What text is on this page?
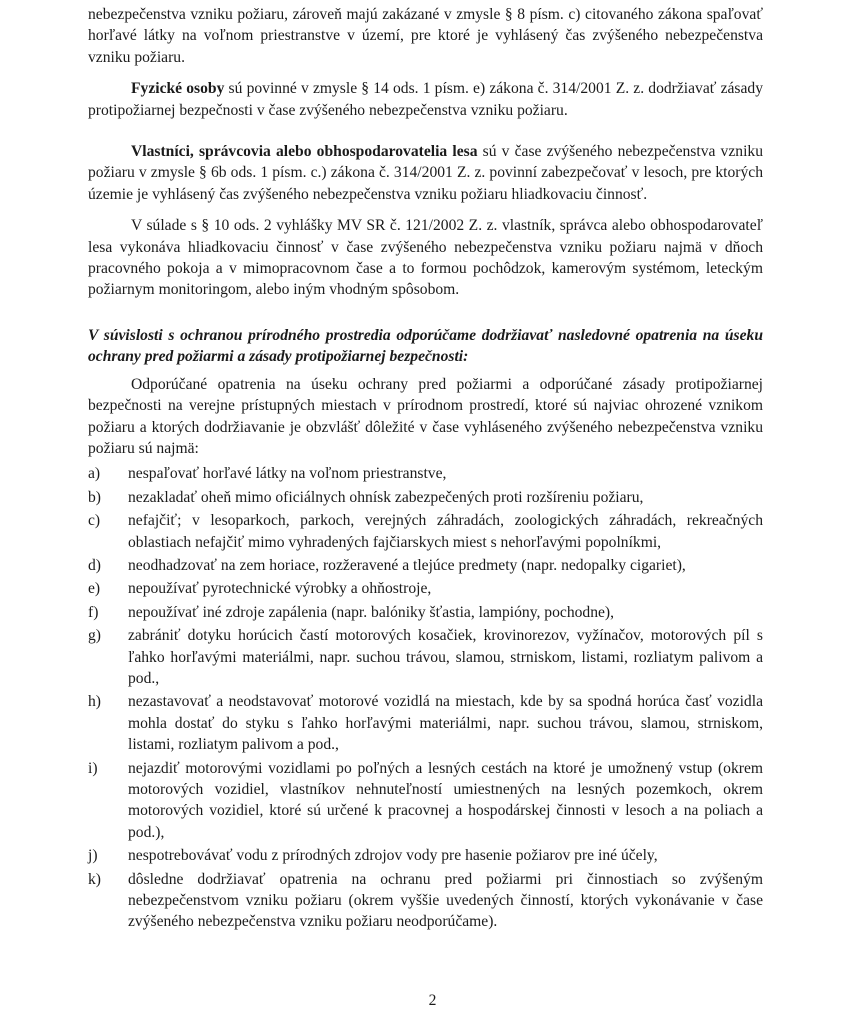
nebezpečenstva vzniku požiaru, zároveň majú zakázané v zmysle § 8 písm. c) citovaného zákona spaľovať horľavé látky na voľnom priestranstve v území, pre ktoré je vyhlásený čas zvýšeného nebezpečenstva vzniku požiaru.

Fyzické osoby sú povinné v zmysle § 14 ods. 1 písm. e) zákona č. 314/2001 Z. z. dodržiavať zásady protipožiarnej bezpečnosti v čase zvýšeného nebezpečenstva vzniku požiaru.

Vlastníci, správcovia alebo obhospodarovatelia lesa sú v čase zvýšeného nebezpečenstva vzniku požiaru v zmysle § 6b ods. 1 písm. c.) zákona č. 314/2001 Z. z. povinní zabezpečovať v lesoch, pre ktorých územie je vyhlásený čas zvýšeného nebezpečenstva vzniku požiaru hliadkovaciu činnosť.

V súlade s § 10 ods. 2 vyhlášky MV SR č. 121/2002 Z. z. vlastník, správca alebo obhospodarovateľ lesa vykonáva hliadkovaciu činnosť v čase zvýšeného nebezpečenstva vzniku požiaru najmä v dňoch pracovného pokoja a v mimopracovnom čase a to formou pochôdzok, kamerovým systémom, leteckým požiarnym monitoringom, alebo iným vhodným spôsobom.

V súvislosti s ochranou prírodného prostredia odporúčame dodržiavať nasledovné opatrenia na úseku ochrany pred požiarmi a zásady protipožiarnej bezpečnosti:

Odporúčané opatrenia na úseku ochrany pred požiarmi a odporúčané zásady protipožiarnej bezpečnosti na verejne prístupných miestach v prírodnom prostredí, ktoré sú najviac ohrozené vznikom požiaru a ktorých dodržiavanie je obzvlášť dôležité v čase vyhláseného zvýšeného nebezpečenstva vzniku požiaru sú najmä:

a) nespaľovať horľavé látky na voľnom priestranstve,
b) nezakladať oheň mimo oficiálnych ohnísk zabezpečených proti rozšíreniu požiaru,
c) nefajčiť; v lesoparkoch, parkoch, verejných záhradách, zoologických záhradách, rekreačných oblastiach nefajčiť mimo vyhradených fajčiarskych miest s nehorľavými popolníkmi,
d) neodhadzovať na zem horiace, rozžeravené a tlejúce predmety (napr. nedopalky cigariet),
e) nepoužívať pyrotechnické výrobky a ohňostroje,
f) nepoužívať iné zdroje zapálenia (napr. balóniky šťastia, lampióny, pochodne),
g) zabrániť dotyku horúcich častí motorových kosačiek, krovinorezov, vyžínačov, motorových píl s ľahko horľavými materiálmi, napr. suchou trávou, slamou, strniskom, listami, rozliatym palivom a pod.,
h) nezastavovať a neodstavovať motorové vozidlá na miestach, kde by sa spodná horúca časť vozidla mohla dostať do styku s ľahko horľavými materiálmi, napr. suchou trávou, slamou, strniskom, listami, rozliatym palivom a pod.,
i) nejazdiť motorovými vozidlami po poľných a lesných cestách na ktoré je umožnený vstup (okrem motorových vozidiel, vlastníkov nehnuteľností umiestnených na lesných pozemkoch, okrem motorových vozidiel, ktoré sú určené k pracovnej a hospodárskej činnosti v lesoch a na poliach a pod.),
j) nespotrebovávať vodu z prírodných zdrojov vody pre hasenie požiarov pre iné účely,
k) dôsledne dodržiavať opatrenia na ochranu pred požiarmi pri činnostiach so zvýšeným nebezpečenstvom vzniku požiaru (okrem vyššie uvedených činností, ktorých vykonávanie v čase zvýšeného nebezpečenstva vzniku požiaru neodporúčame).
2
